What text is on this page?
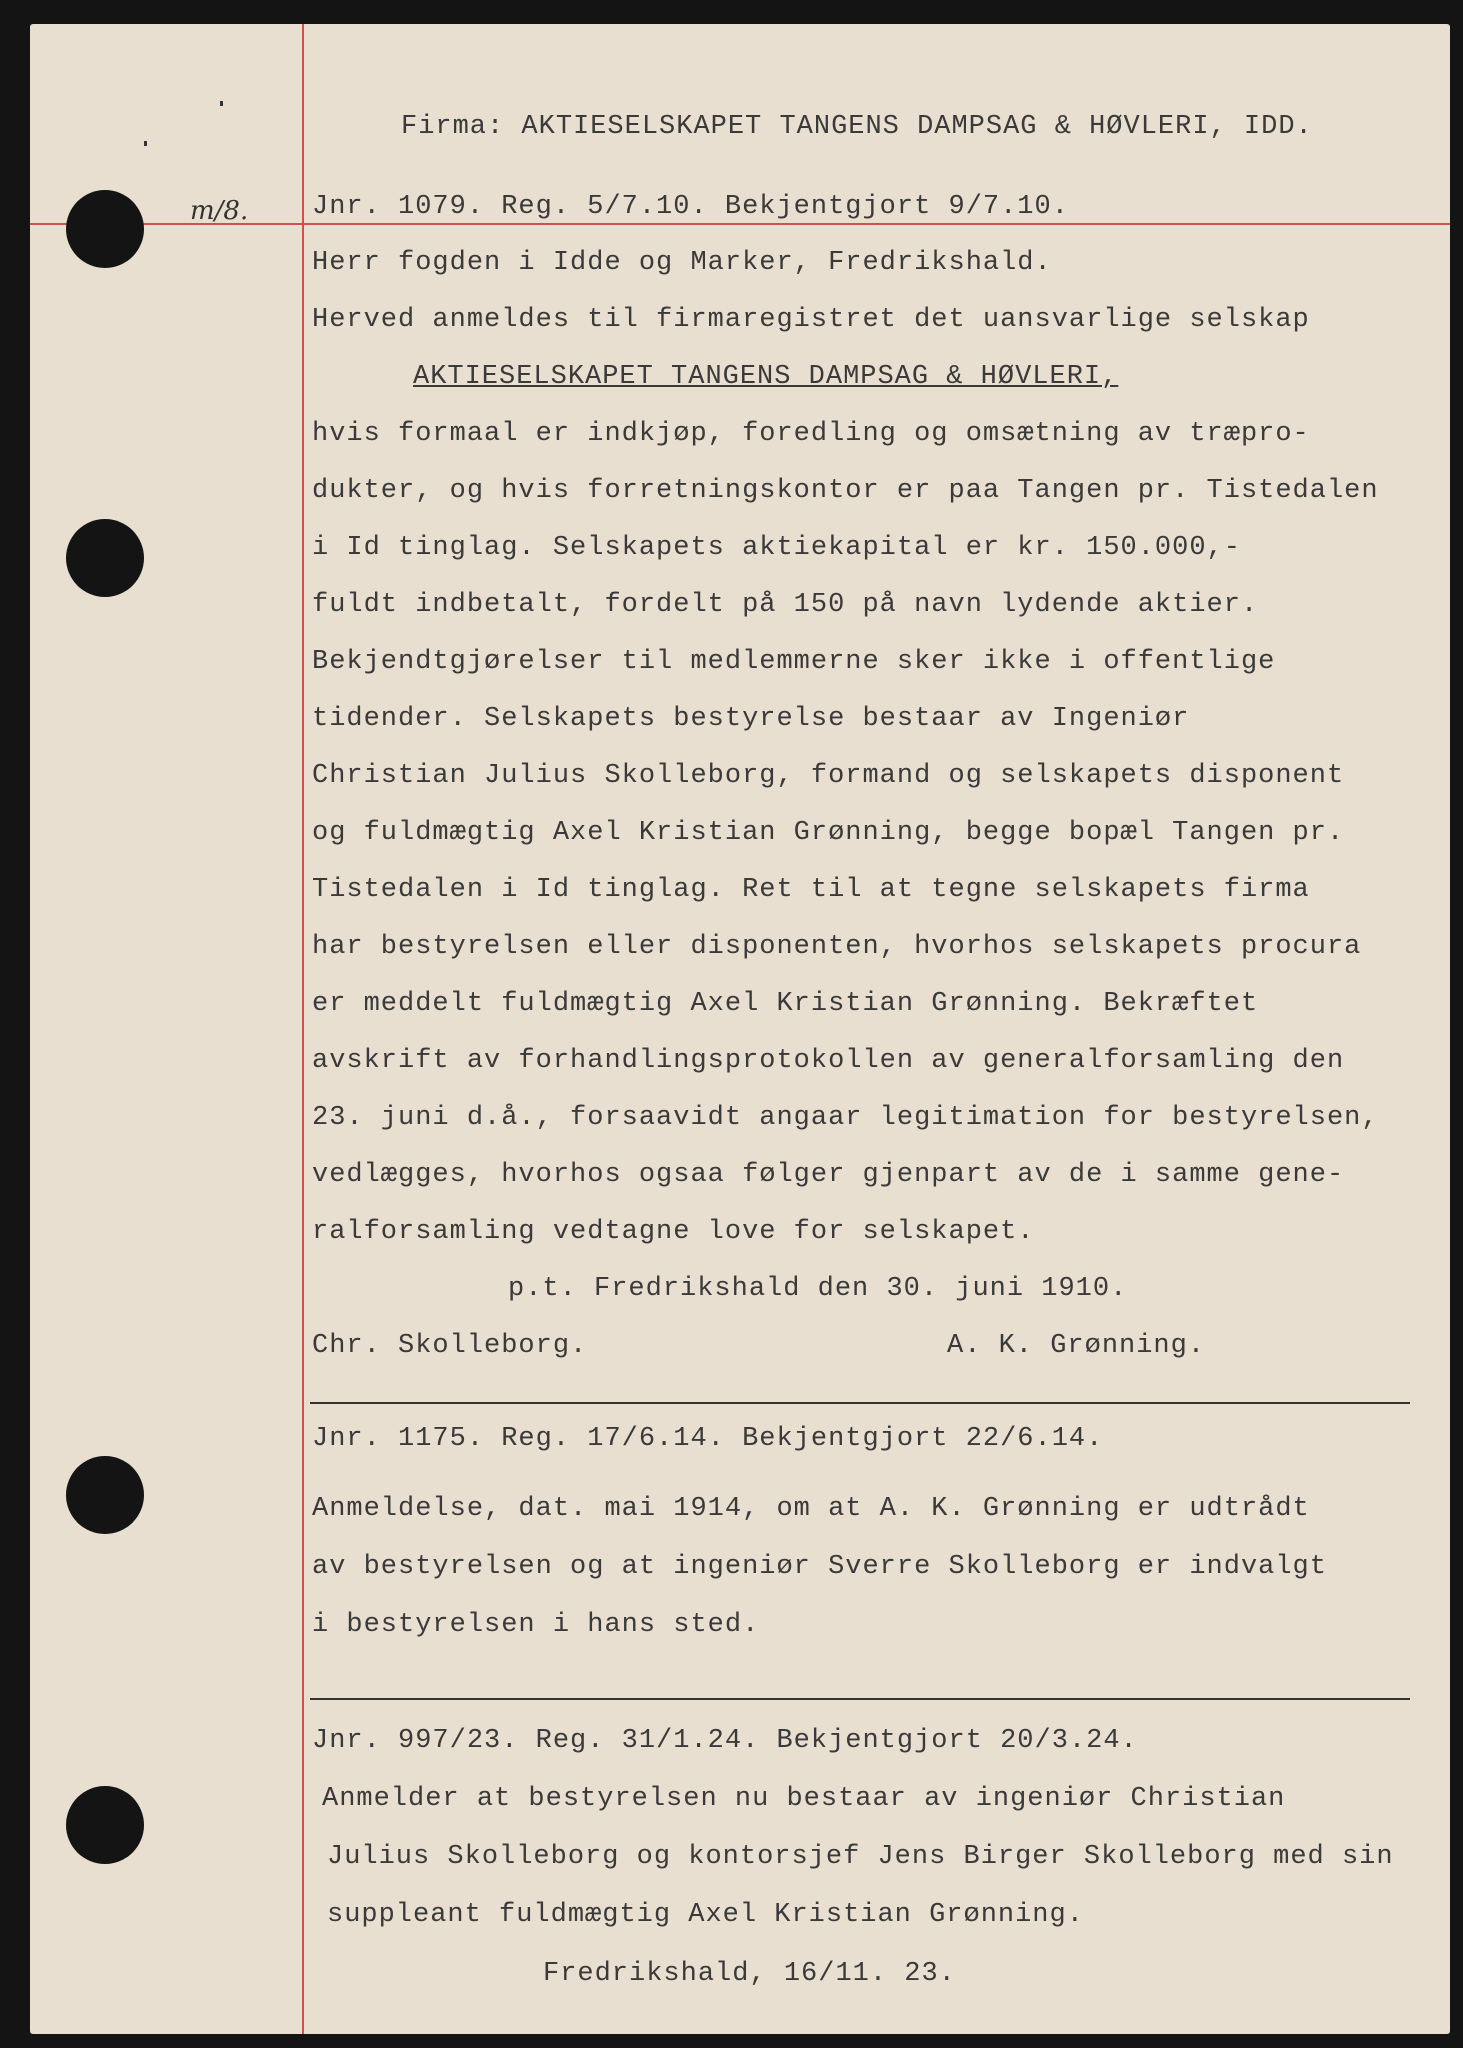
m/8.
Firma: AKTIESELSKAPET TANGENS DAMPSAG & HØVLERI, IDD.
Jnr. 1079. Reg. 5/7.10. Bekjentgjort 9/7.10.
Herr fogden i Idde og Marker, Fredrikshald.
Herved anmeldes til firmaregistret det uansvarlige selskap
AKTIESELSKAPET TANGENS DAMPSAG & HØVLERI,
hvis formaal er indkjøp, foredling og omsætning av træpro-
dukter, og hvis forretningskontor er paa Tangen pr. Tistedalen
i Id tinglag. Selskapets aktiekapital er kr. 150.000,-
fuldt indbetalt, fordelt på 150 på navn lydende aktier.
Bekjendtgjørelser til medlemmerne sker ikke i offentlige
tidender. Selskapets bestyrelse bestaar av Ingeniør
Christian Julius Skolleborg, formand og selskapets disponent
og fuldmægtig Axel Kristian Grønning, begge bopæl Tangen pr.
Tistedalen i Id tinglag. Ret til at tegne selskapets firma
har bestyrelsen eller disponenten, hvorhos selskapets procura
er meddelt fuldmægtig Axel Kristian Grønning. Bekræftet
avskrift av forhandlingsprotokollen av generalforsamling den
23. juni d.å., forsaavidt angaar legitimation for bestyrelsen,
vedlægges, hvorhos ogsaa følger gjenpart av de i samme gene-
ralforsamling vedtagne love for selskapet.
p.t. Fredrikshald den 30. juni 1910.
Chr. Skolleborg.	A. K. Grønning.
Jnr. 1175. Reg. 17/6.14. Bekjentgjort 22/6.14.
Anmeldelse, dat. mai 1914, om at A. K. Grønning er udtrådt
av bestyrelsen og at ingeniør Sverre Skolleborg er indvalgt
i bestyrelsen i hans sted.
Jnr. 997/23. Reg. 31/1.24. Bekjentgjort 20/3.24.
Anmelder at bestyrelsen nu bestaar av ingeniør Christian
Julius Skolleborg og kontorsjef Jens Birger Skolleborg med sin
suppleant fuldmægtig Axel Kristian Grønning.
Fredrikshald, 16/11. 23.
